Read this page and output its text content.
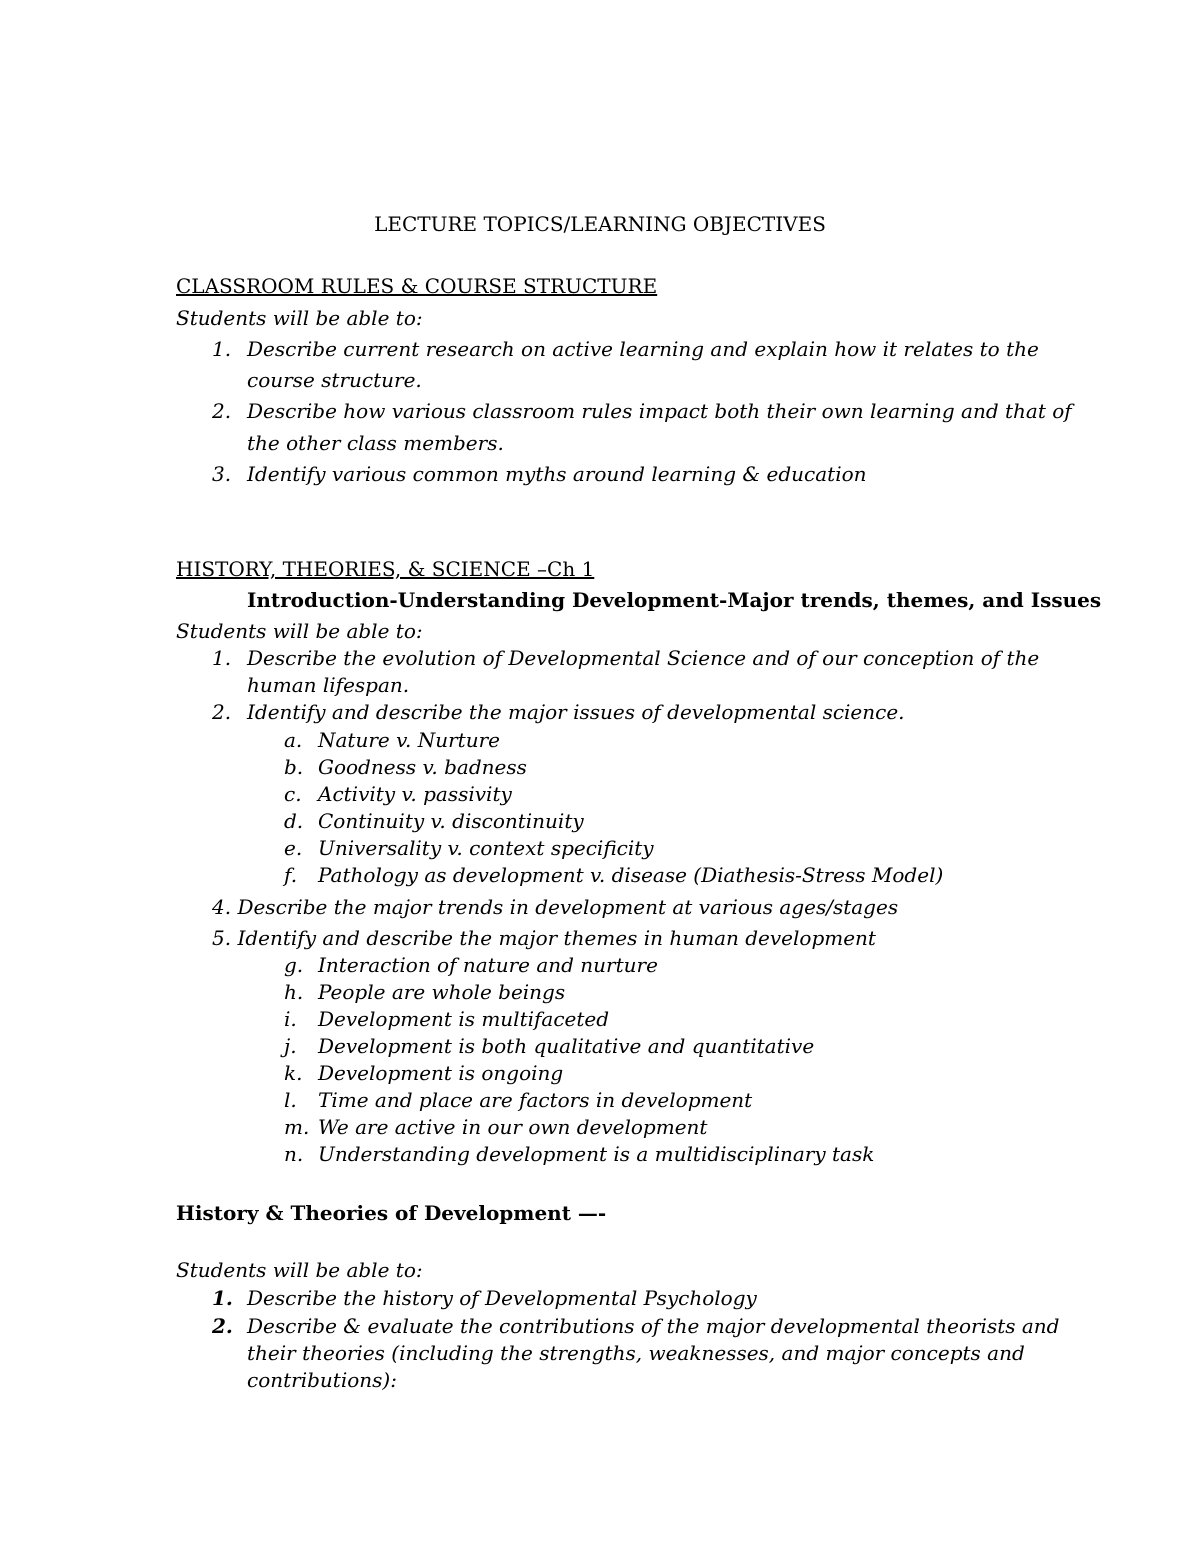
LECTURE TOPICS/LEARNING OBJECTIVES
CLASSROOM RULES & COURSE STRUCTURE
Students will be able to:
1. Describe current research on active learning and explain how it relates to the
course structure.
2. Describe how various classroom rules impact both their own learning and that of
the other class members.
3. Identify various common myths around learning & education
HISTORY, THEORIES, & SCIENCE –Ch 1
Introduction-Understanding Development-Major trends, themes, and Issues
Students will be able to:
1. Describe the evolution of Developmental Science and of our conception of the
human lifespan.
2. Identify and describe the major issues of developmental science.
a. Nature v. Nurture
b. Goodness v. badness
c. Activity v. passivity
d. Continuity v. discontinuity
e. Universality v. context specificity
f. Pathology as development v. disease (Diathesis-Stress Model)
4. Describe the major trends in development at various ages/stages
5. Identify and describe the major themes in human development
g. Interaction of nature and nurture
h. People are whole beings
i. Development is multifaceted
j. Development is both qualitative and quantitative
k. Development is ongoing
l. Time and place are factors in development
m. We are active in our own development
n. Understanding development is a multidisciplinary task
History & Theories of Development —-
Students will be able to:
1. Describe the history of Developmental Psychology
2. Describe & evaluate the contributions of the major developmental theorists and
their theories (including the strengths, weaknesses, and major concepts and
contributions):
